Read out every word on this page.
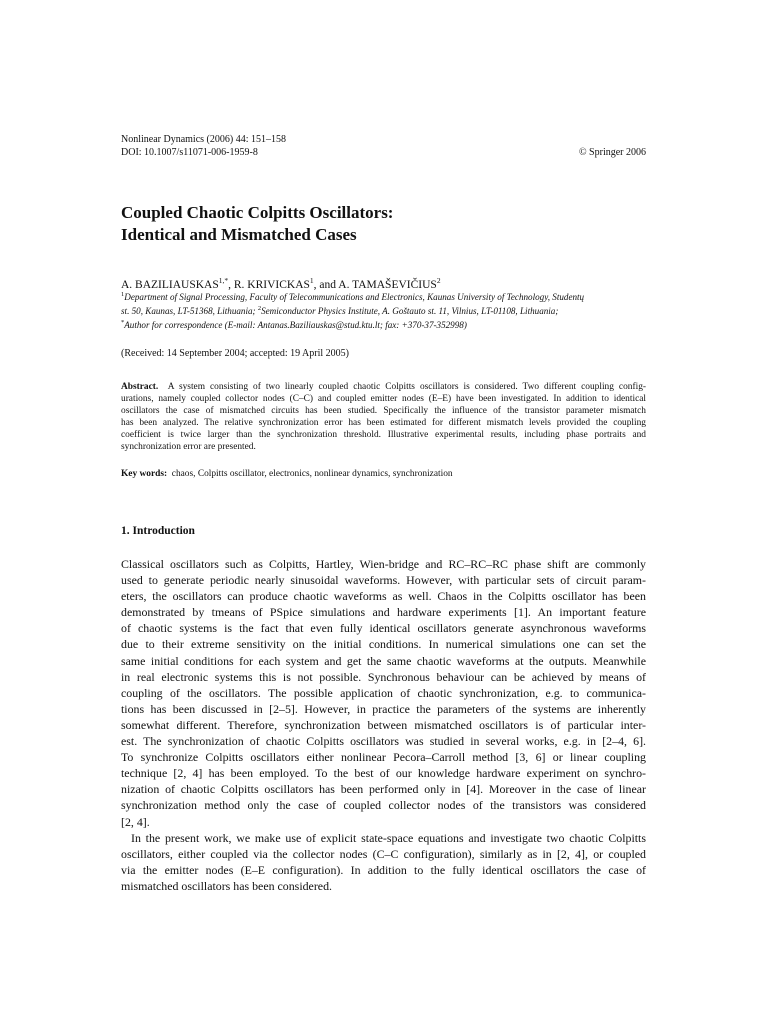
Nonlinear Dynamics (2006) 44: 151–158
DOI: 10.1007/s11071-006-1959-8	© Springer 2006
Coupled Chaotic Colpitts Oscillators:
Identical and Mismatched Cases
A. $BAZILIAUSKAS^{1,*}$, R. KRIVICKAS$^1$, and A. TAMAŠEVIČIUS$^2$
$^1$Department of Signal Processing, Faculty of Telecommunications and Electronics, Kaunas University of Technology, Studentų
st. 50, Kaunas, LT-51368, Lithuania; $^2$Semiconductor Physics Institute, A. Goštauto st. 11, Vilnius, LT-01108, Lithuania;
*Author for correspondence (E-mail: Antanas.Baziliauskas@stud.ktu.lt; fax: +370-37-352998)
(Received: 14 September 2004; accepted: 19 April 2005)
Abstract. A system consisting of two linearly coupled chaotic Colpitts oscillators is considered. Two different coupling config-
urations, namely coupled collector nodes (C–C) and coupled emitter nodes (E–E) have been investigated. In addition to identical
oscillators the case of mismatched circuits has been studied. Specifically the influence of the transistor parameter mismatch
has been analyzed. The relative synchronization error has been estimated for different mismatch levels provided the coupling
coefficient is twice larger than the synchronization threshold. Illustrative experimental results, including phase portraits and
synchronization error are presented.
Key words: chaos, Colpitts oscillator, electronics, nonlinear dynamics, synchronization
1. Introduction
Classical oscillators such as Colpitts, Hartley, Wien-bridge and RC–RC–RC phase shift are commonly
used to generate periodic nearly sinusoidal waveforms. However, with particular sets of circuit param-
eters, the oscillators can produce chaotic waveforms as well. Chaos in the Colpitts oscillator has been
demonstrated by tmeans of PSpice simulations and hardware experiments [1]. An important feature
of chaotic systems is the fact that even fully identical oscillators generate asynchronous waveforms
due to their extreme sensitivity on the initial conditions. In numerical simulations one can set the
same initial conditions for each system and get the same chaotic waveforms at the outputs. Meanwhile
in real electronic systems this is not possible. Synchronous behaviour can be achieved by means of
coupling of the oscillators. The possible application of chaotic synchronization, e.g. to communica-
tions has been discussed in [2–5]. However, in practice the parameters of the systems are inherently
somewhat different. Therefore, synchronization between mismatched oscillators is of particular inter-
est. The synchronization of chaotic Colpitts oscillators was studied in several works, e.g. in [2–4, 6].
To synchronize Colpitts oscillators either nonlinear Pecora–Carroll method [3, 6] or linear coupling
technique [2, 4] has been employed. To the best of our knowledge hardware experiment on synchro-
nization of chaotic Colpitts oscillators has been performed only in [4]. Moreover in the case of linear
synchronization method only the case of coupled collector nodes of the transistors was considered
[2, 4].
In the present work, we make use of explicit state-space equations and investigate two chaotic Colpitts
oscillators, either coupled via the collector nodes (C–C configuration), similarly as in [2, 4], or coupled
via the emitter nodes (E–E configuration). In addition to the fully identical oscillators the case of
mismatched oscillators has been considered.
